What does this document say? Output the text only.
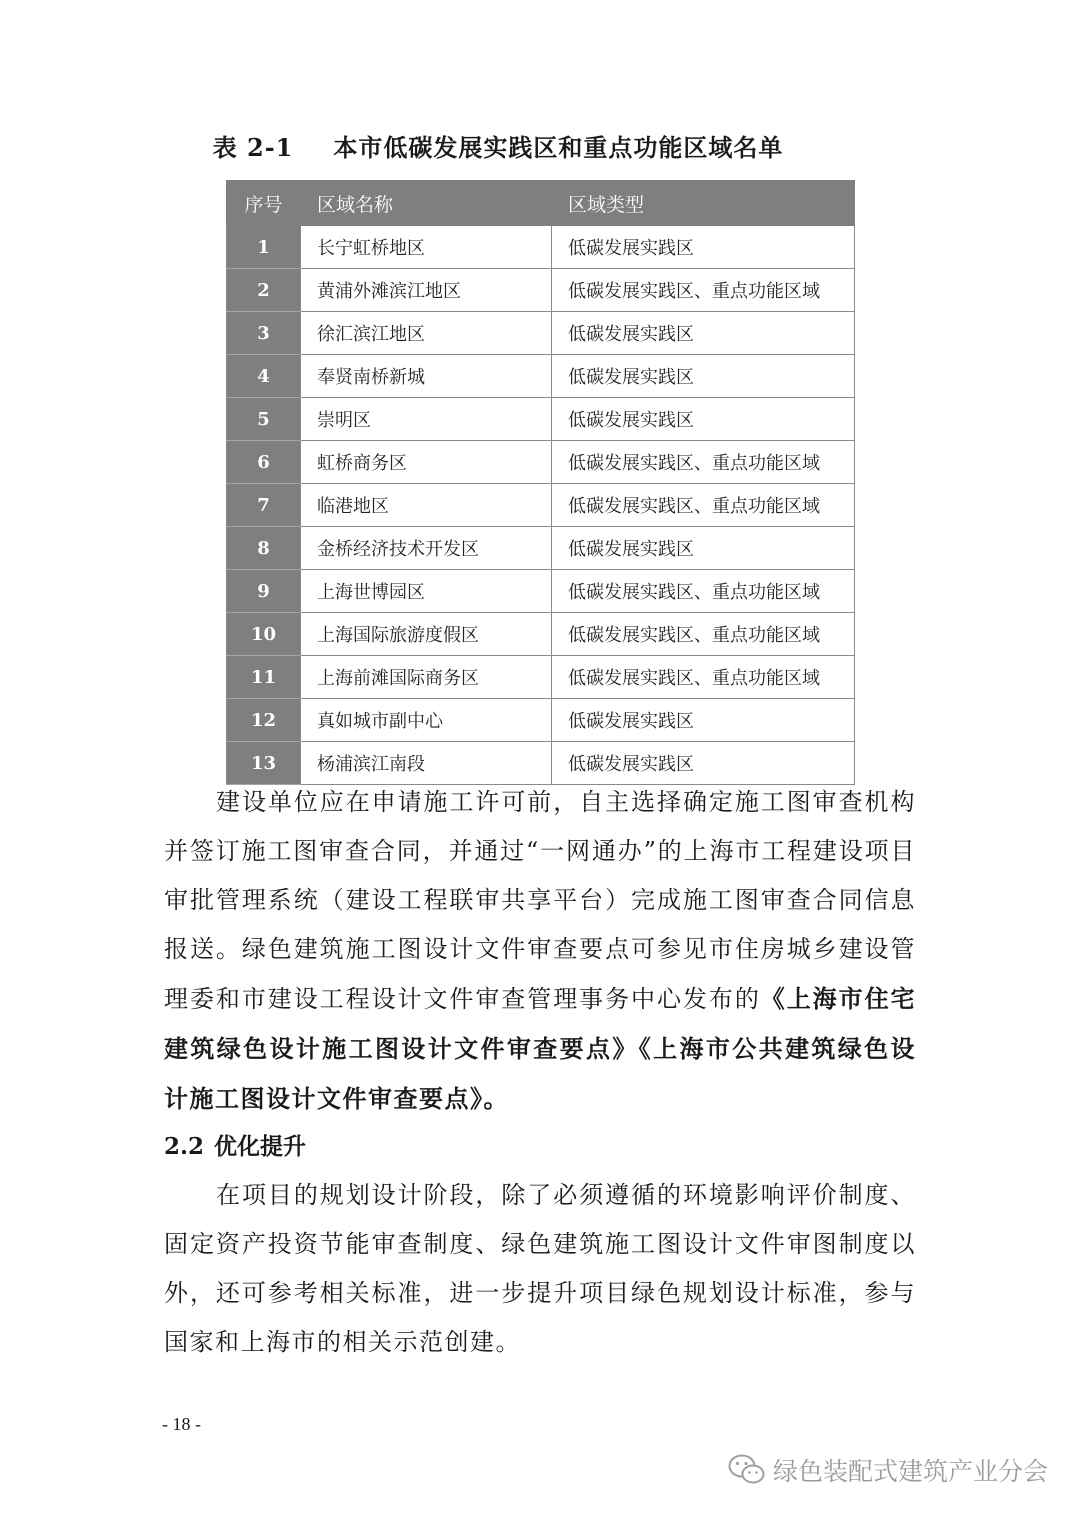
表 2-1 本市低碳发展实践区和重点功能区域名单
序号	区域名称	区域类型
1	长宁虹桥地区	低碳发展实践区
2	黄浦外滩滨江地区	低碳发展实践区、重点功能区域
3	徐汇滨江地区	低碳发展实践区
4	奉贤南桥新城	低碳发展实践区
5	崇明区	低碳发展实践区
6	虹桥商务区	低碳发展实践区、重点功能区域
7	临港地区	低碳发展实践区、重点功能区域
8	金桥经济技术开发区	低碳发展实践区
9	上海世博园区	低碳发展实践区、重点功能区域
10	上海国际旅游度假区	低碳发展实践区、重点功能区域
11	上海前滩国际商务区	低碳发展实践区、重点功能区域
12	真如城市副中心	低碳发展实践区
13	杨浦滨江南段	低碳发展实践区

建设单位应在申请施工许可前，自主选择确定施工图审查机构并签订施工图审查合同，并通过“一网通办”的上海市工程建设项目审批管理系统（建设工程联审共享平台）完成施工图审查合同信息报送。绿色建筑施工图设计文件审查要点可参见市住房城乡建设管理委和市建设工程设计文件审查管理事务中心发布的《上海市住宅建筑绿色设计施工图设计文件审查要点》《上海市公共建筑绿色设计施工图设计文件审查要点》。

2.2 优化提升

在项目的规划设计阶段，除了必须遵循的环境影响评价制度、固定资产投资节能审查制度、绿色建筑施工图设计文件审图制度以外，还可参考相关标准，进一步提升项目绿色规划设计标准，参与国家和上海市的相关示范创建。

- 18 -
绿色装配式建筑产业分会
